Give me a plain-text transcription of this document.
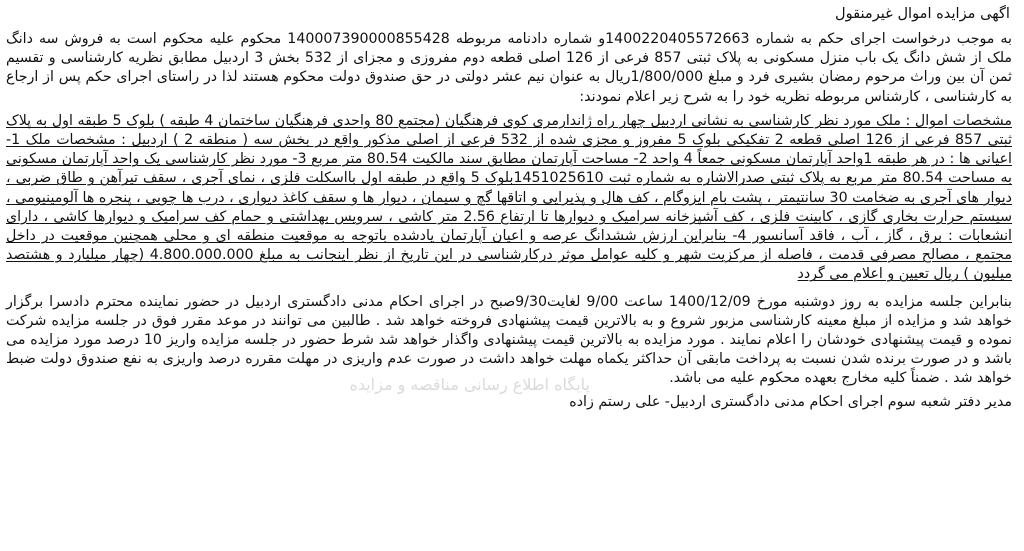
اگهی مزایده اموال غیرمنقول
به موجب درخواست اجرای حکم به شماره 1400220405572663و شماره دادنامه مربوطه 14000739000085542​8 محکوم علیه محکوم است به فروش سه دانگ ملک از شش دانگ یک باب منزل مسکونی به پلاک ثبتی 857 فرعی از 126 اصلی قطعه دوم مفروزی و مجزای از 532 بخش 3 اردبیل مطابق نظریه کارشناسی و تقسیم ثمن آن بین وراث مرحوم رمضان بشیری فرد و مبلغ 1/800/000ریال به عنوان نیم عشر دولتی در حق صندوق دولت محکوم هستند لذا در راستای اجرای حکم پس از ارجاع به کارشناسی ، کارشناس مربوطه نظریه خود را به شرح زیر اعلام نمودند:
مشخصات اموال : ملک مورد نظر کارشناسی به نشانی اردبیل چهار راه ژاندارمری کوی فرهنگیان (مجتمع 80 واحدی فرهنگیان ساختمان 4 طبقه ) بلوک 5 طبقه اول به پلاک ثبتی 857 فرعی از 126 اصلی قطعه 2 تفکیکی بلوک 5 مفروز و مجزی شده از 532 فرعی از اصلی مذکور واقع در بخش سه ( منطقه 2 ) اردبیل : مشخصات ملک 1- اعیانی ها : در هر طبقه 1واحد آپارتمان مسکونی جمعاً 4 واحد 2- مساحت آپارتمان مطابق سند مالکیت 80.54 متر مربع 3- مورد نظر کارشناسی یک واحد آپارتمان مسکونی به مساحت 80.54 متر مربع به پلاک ثبتی صدرالاشاره به شماره ثبت 1451025610بلوک 5 واقع در طبقه اول بااسکلت فلزی ، نمای آجری ، سقف تیرآهن و طاق ضربی ، دیوار های آجری به ضخامت 30 سانتیمتر ، پشت بام ایزوگام ، کف هال و پذیرایی و اتاقها گچ و سیمان ، دیوار ها و سقف کاغذ دیواری ، درب ها چوبی ، پنجره ها آلومینیومی ، سیستم حرارت بخاری گازی ، کابینت فلزی ، کف آشپزخانه سرامیک و دیوارها تا ارتفاع 2.56 متر کاشی ، سرویس بهداشتی و حمام کف سرامیک و دیوارها کاشی ، دارای انشعابات : برق ، گاز ، آب ، فاقد آسانسور 4- بنابراین ارزش ششدانگ عرصه و اعیان آپارتمان یادشده باتوجه به موقعیت منطقه ای و محلی همچنین موقعیت در داخل مجتمع ، مصالح مصرفی قدمت ، فاصله از مرکزیت شهر و کلیه عوامل موثر درکارشناسی در این تاریخ از نظر اینجانب به مبلغ 4.800.000.000 (چهار میلیارد و هشتصد میلیون ) ریال تعیین و اعلام می گردد
بنابراین جلسه مزایده به روز دوشنبه مورخ 1400/12/09 ساعت 9/00 لغایت9/30صبح در اجرای احکام مدنی دادگستری اردبیل در حضور نماینده محترم دادسرا برگزار خواهد شد و مزایده از مبلغ معینه کارشناسی مزبور شروع و به بالاترین قیمت پیشنهادی فروخته خواهد شد . طالبین می توانند در موعد مقرر فوق در جلسه مزایده شرکت نموده و قیمت پیشنهادی خودشان را اعلام نمایند . مورد مزایده به بالاترین قیمت پیشنهادی واگذار خواهد شد شرط حضور در جلسه مزایده واریز 10 درصد مورد مزایده می باشد و در صورت برنده شدن نسبت به پرداخت مابقی آن حداکثر یکماه مهلت خواهد داشت در صورت عدم واریزی در مهلت مقرره درصد واریزی به نفع صندوق دولت ضبط خواهد شد . ضمناً کلیه مخارج بعهده محکوم علیه می باشد.
مدیر دفتر شعبه سوم اجرای احکام مدنی دادگستری اردبیل- علی رستم زاده
پایگاه اطلاع رسانی مناقصه و مزایده
